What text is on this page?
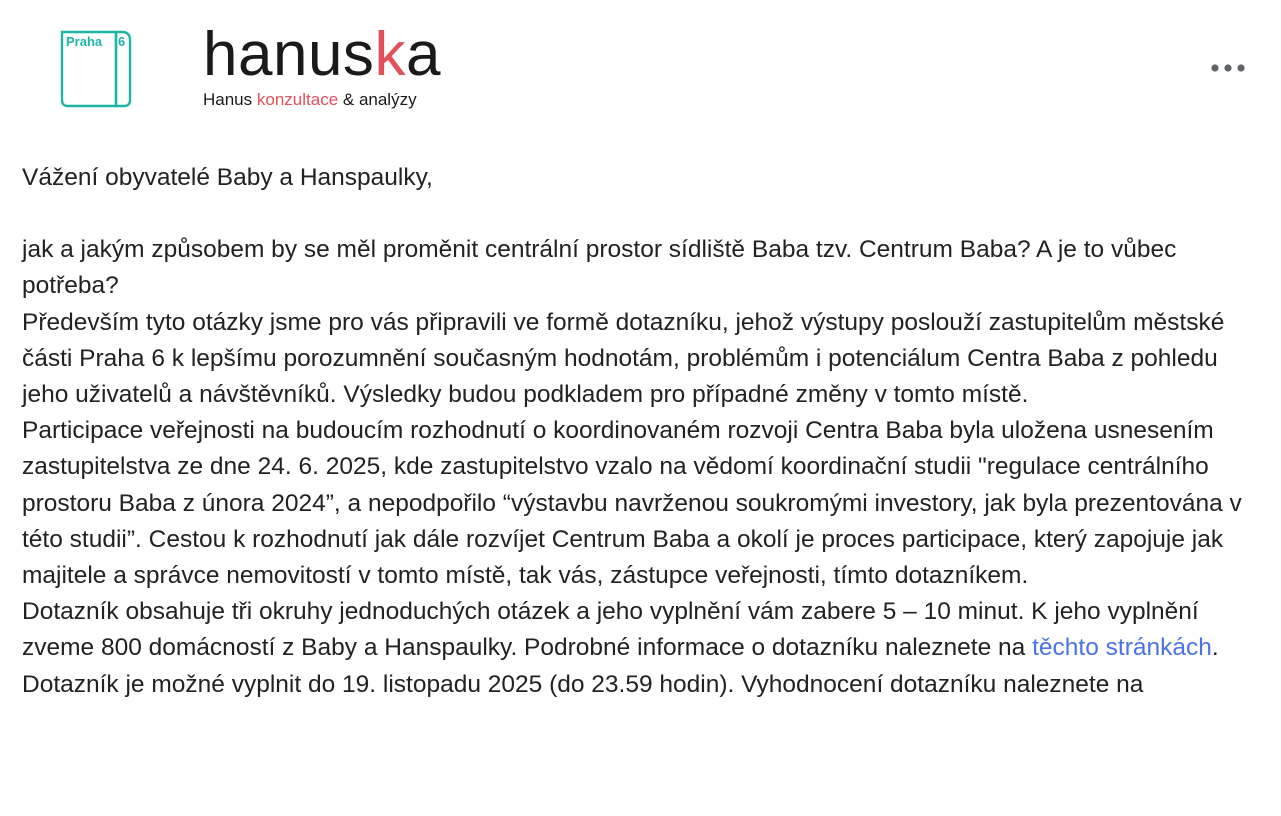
Praha 6 hanuska
Hanus konzultace & analýzy

Vážení obyvatelé Baby a Hanspaulky,

jak a jakým způsobem by se měl proměnit centrální prostor sídliště Baba tzv. Centrum Baba? A je to vůbec potřeba?

Především tyto otázky jsme pro vás připravili ve formě dotazníku, jehož výstupy poslouží zastupitelům městské části Praha 6 k lepšímu porozumnění současným hodnotám, problémům i potenciálum Centra Baba z pohledu jeho uživatelů a návštěvníků. Výsledky budou podkladem pro případné změny v tomto místě.

Participace veřejnosti na budoucím rozhodnutí o koordinovaném rozvoji Centra Baba byla uložena usnesením zastupitelstva ze dne 24. 6. 2025, kde zastupitelstvo vzalo na vědomí koordinační studii "regulace centrálního prostoru Baba z února 2024”, a nepodpořilo “výstavbu navrženou soukromými investory, jak byla prezentována v této studii”. Cestou k rozhodnutí jak dále rozvíjet Centrum Baba a okolí je proces participace, který zapojuje jak majitele a správce nemovitostí v tomto místě, tak vás, zástupce veřejnosti, tímto dotazníkem.

Dotazník obsahuje tři okruhy jednoduchých otázek a jeho vyplnění vám zabere 5 – 10 minut. K jeho vyplnění zveme 800 domácností z Baby a Hanspaulky. Podrobné informace o dotazníku naleznete na těchto stránkách.

Dotazník je možné vyplnit do 19. listopadu 2025 (do 23.59 hodin). Vyhodnocení dotazníku naleznete na
